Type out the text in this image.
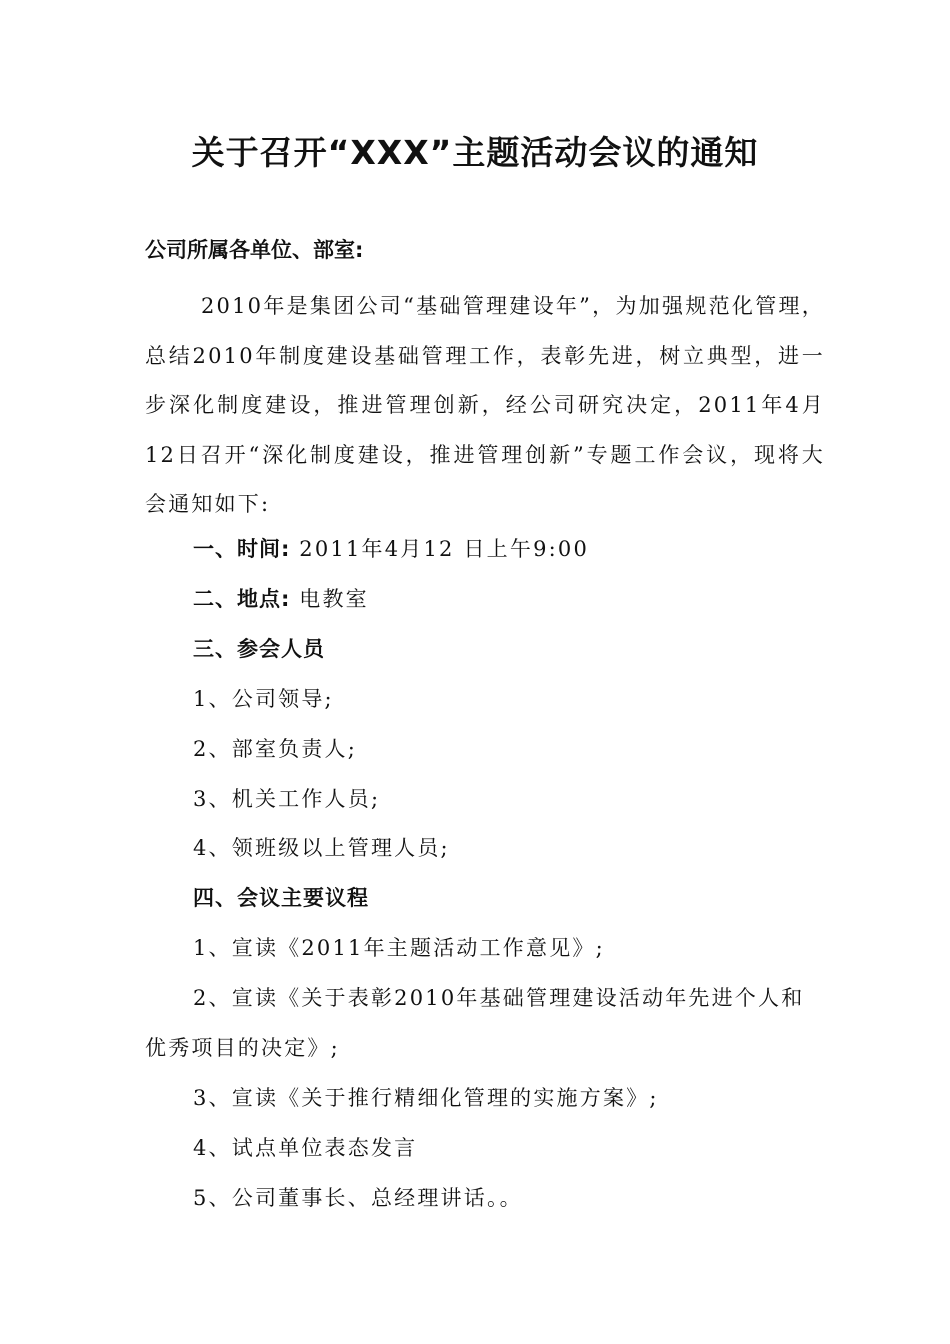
关于召开“XXX”主题活动会议的通知

公司所属各单位、部室:

2010年是集团公司“基础管理建设年”，为加强规范化管理， 总结2010年制度建设基础管理工作，表彰先进，树立典型，进一步深化制度建设，推进管理创新，经公司研究决定，2011年4月12日召开“深化制度建设，推进管理创新”专题工作会议，现将大会通知如下:

一、时间: 2011年4月12 日上午9:00

二、地点: 电教室

三、参会人员

1、公司领导;

2、部室负责人;

3、机关工作人员;

4、领班级以上管理人员;

四、会议主要议程

1、宣读《2011年主题活动工作意见》;

2、宣读《关于表彰2010年基础管理建设活动年先进个人和优秀项目的决定》;

3、宣读《关于推行精细化管理的实施方案》;

4、试点单位表态发言

5、公司董事长、总经理讲话。。
